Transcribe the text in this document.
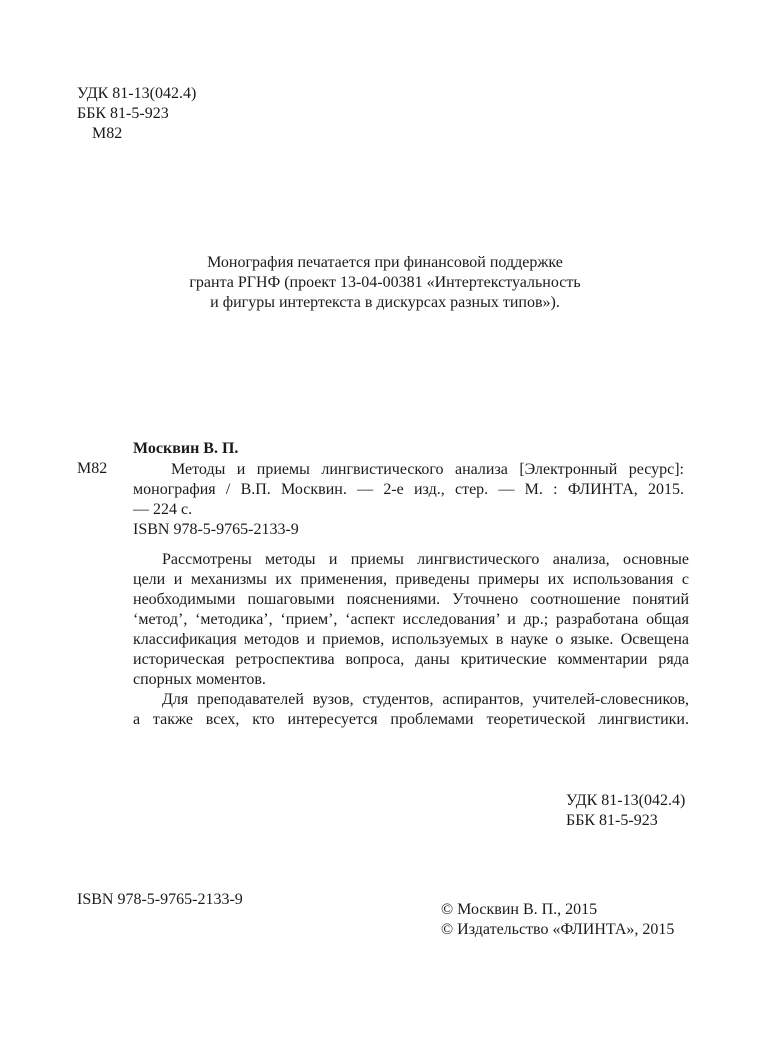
УДК 81-13(042.4)
ББК 81-5-923
М82
Монография печатается при финансовой поддержке
гранта РГНФ (проект 13-04-00381 «Интертекстуальность
и фигуры интертекста в дискурсах разных типов»).
Москвин В. П.
М82	Методы и приемы лингвистического анализа [Электронный ресурс]:
монография / В.П. Москвин. — 2-е изд., стер. — М. : ФЛИНТА, 2015.
— 224 с.
ISBN 978-5-9765-2133-9
Рассмотрены методы и приемы лингвистического анализа, основные
цели и механизмы их применения, приведены примеры их использования с
необходимыми пошаговыми пояснениями. Уточнено соотношение понятий
‘метод’, ‘методика’, ‘прием’, ‘аспект исследования’ и др.; разработана общая
классификация методов и приемов, используемых в науке о языке. Освещена
историческая ретроспектива вопроса, даны критические комментарии ряда
спорных моментов.
Для преподавателей вузов, студентов, аспирантов, учителей-словесников,
а также всех, кто интересуется проблемами теоретической лингвистики.
УДК 81-13(042.4)
ББК 81-5-923
ISBN 978-5-9765-2133-9
© Москвин В. П., 2015
© Издательство «ФЛИНТА», 2015
